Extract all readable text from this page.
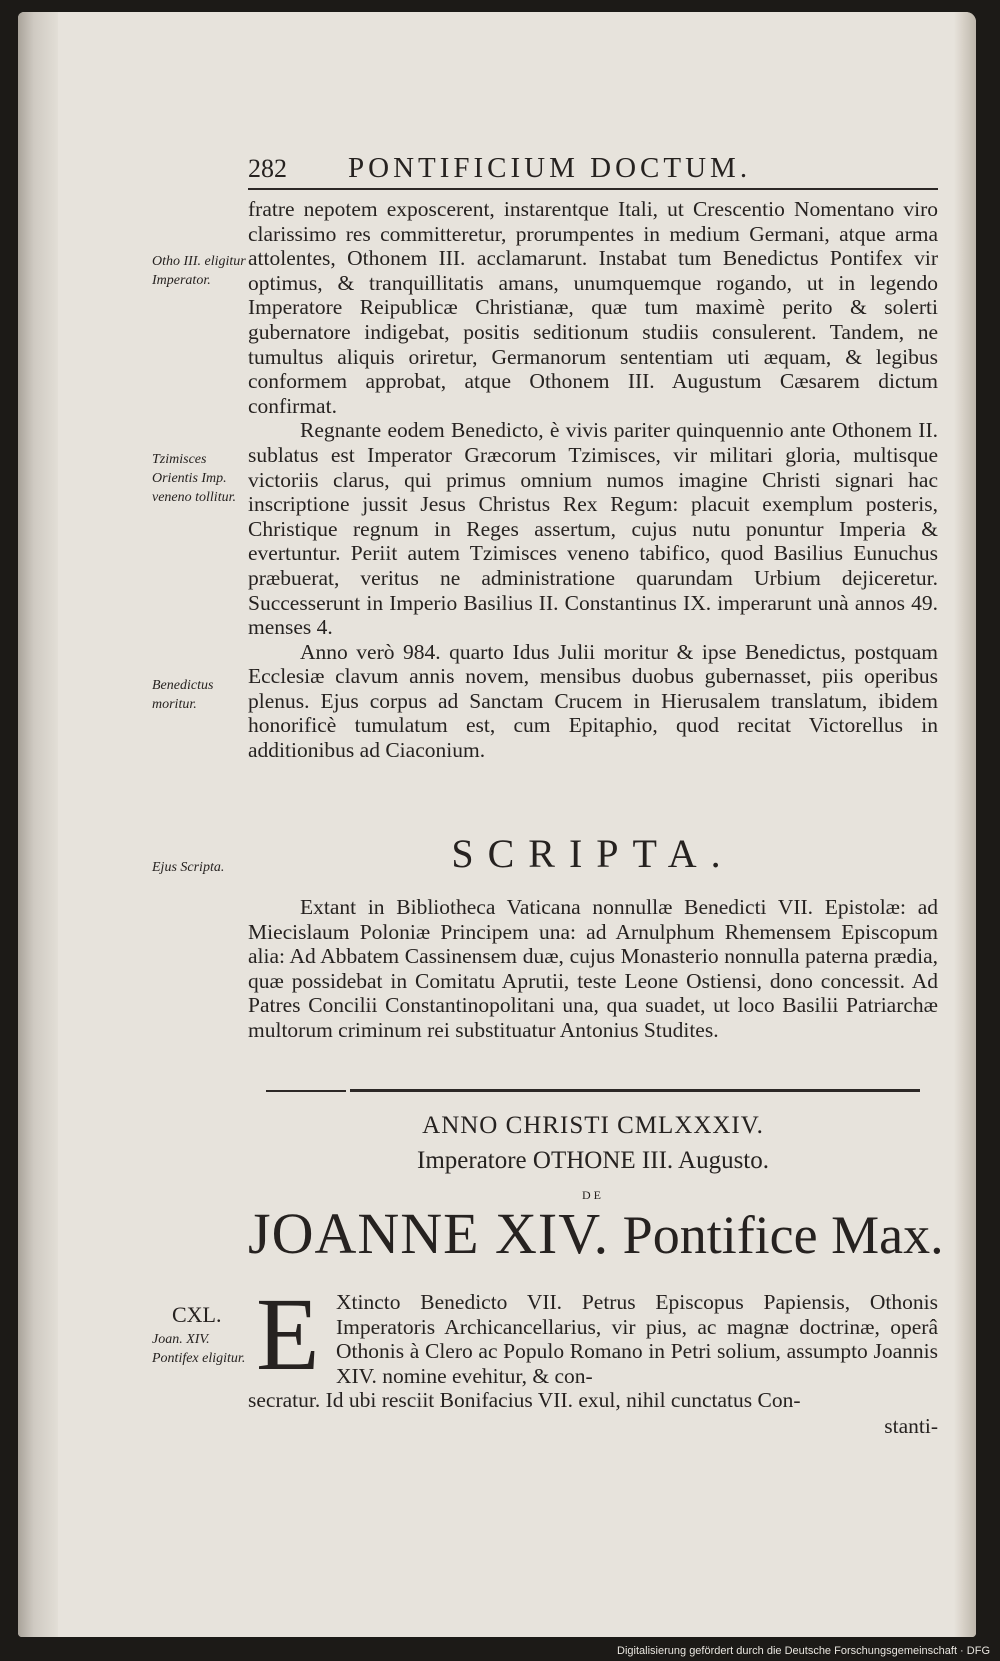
282 PONTIFICIUM DOCTUM.

fratre nepotem exposcerent, instarentque Itali, ut Crescentio Nomentano viro clarissimo res committeretur, prorumpentes in medium Germani, atque arma attolentes, Othonem III. acclamarunt. Instabat tum Benedictus Pontifex vir optimus, & tranquillitatis amans, unumquemque rogando, ut in legendo Imperatore Reipublicæ Christianæ, quæ tum maximè perito & solerti gubernatore indigebat, positis seditionum studiis consulerent. Tandem, ne tumultus aliquis oriretur, Germanorum sententiam uti æquam, & legibus conformem approbat, atque Othonem III. Augustum Cæsarem dictum confirmat.

Regnante eodem Benedicto, è vivis pariter quinquennio ante Othonem II. sublatus est Imperator Græcorum Tzimisces, vir militari gloria, multisque victoriis clarus, qui primus omnium numos imagine Christi signari hac inscriptione jussit Jesus Christus Rex Regum: placuit exemplum posteris, Christique regnum in Reges assertum, cujus nutu ponuntur Imperia & evertuntur. Periit autem Tzimisces veneno tabifico, quod Basilius Eunuchus præbuerat, veritus ne administratione quarundam Urbium dejiceretur. Successerunt in Imperio Basilius II. Constantinus IX. imperarunt unà annos 49. menses 4.

Anno verò 984. quarto Idus Julii moritur & ipse Benedictus, postquam Ecclesiæ clavum annis novem, mensibus duobus gubernasset, piis operibus plenus. Ejus corpus ad Sanctam Crucem in Hierusalem translatum, ibidem honorificè tumulatum est, cum Epitaphio, quod recitat Victorellus in additionibus ad Ciaconium.

Otho III. eligitur Imperator.
Tzimisces Orientis Imp. veneno tollitur.
Benedictus moritur.
Ejus Scripta.	SCRIPTA.

Extant in Bibliotheca Vaticana nonnullæ Benedicti VII. Epistolæ: ad Miecislaum Poloniæ Principem una: ad Arnulphum Rhemensem Episcopum alia: Ad Abbatem Cassinensem duæ, cujus Monasterio nonnulla paterna prædia, quæ possidebat in Comitatu Aprutii, teste Leone Ostiensi, dono concessit. Ad Patres Concilii Constantinopolitani una, qua suadet, ut loco Basilii Patriarchæ multorum criminum rei substituatur Antonius Studites.

ANNO CHRISTI CMLXXXIV.
Imperatore OTHONE III. Augusto.
DE
JOANNE XIV. Pontifice Max.
CXL.
Joan. XIV. Pontifex eligitur. E Xtincto Benedicto VII. Petrus Episcopus Papiensis, Othonis Imperatoris Archicancellarius, vir pius, ac magnæ doctrinæ, operâ Othonis à Clero ac Populo Romano in Petri solium, assumpto Joannis XIV. nomine evehitur, & con-

secratur. Id ubi resciit Bonifacius VII. exul, nihil cunctatus Con-

stanti-
Digitalisierung gefördert durch die Deutsche Forschungsgemeinschaft · DFG
